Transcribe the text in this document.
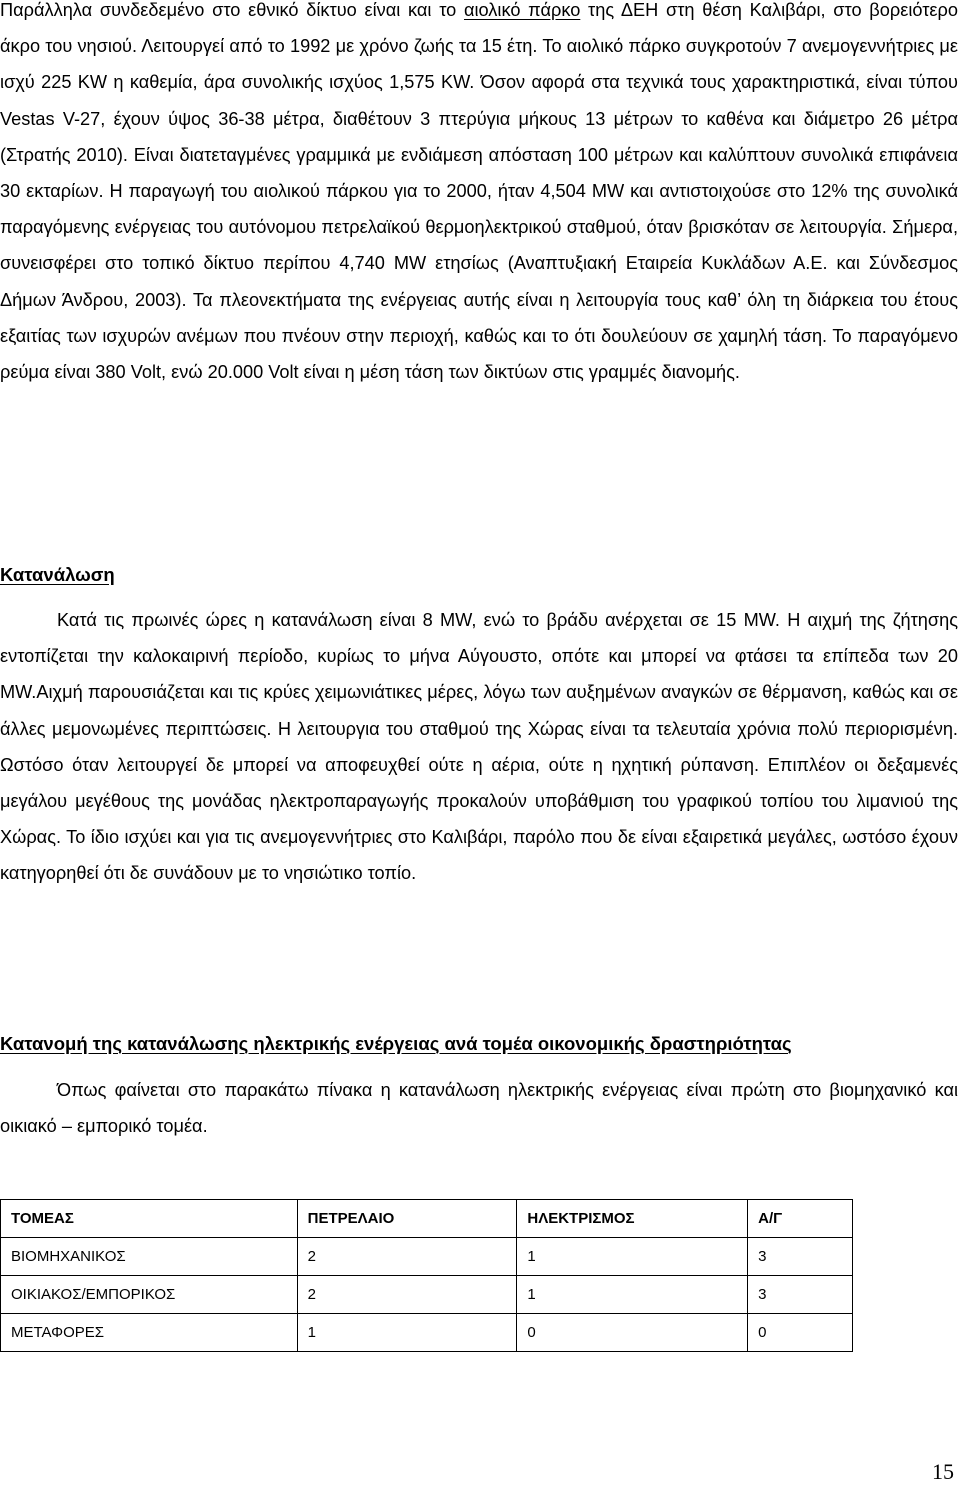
Παράλληλα συνδεδεμένο στο εθνικό δίκτυο είναι και το αιολικό πάρκο της ΔΕΗ στη θέση Καλιβάρι, στο βορειότερο άκρο του νησιού. Λειτουργεί από το 1992 με χρόνο ζωής τα 15 έτη. Το αιολικό πάρκο συγκροτούν 7 ανεμογεννήτριες με ισχύ 225 KW η καθεμία, άρα συνολικής ισχύος 1,575 KW. Όσον αφορά στα τεχνικά τους χαρακτηριστικά, είναι τύπου Vestas V-27, έχουν ύψος 36-38 μέτρα, διαθέτουν 3 πτερύγια μήκους 13 μέτρων το καθένα και διάμετρο 26 μέτρα (Στρατής 2010). Είναι διατεταγμένες γραμμικά με ενδιάμεση απόσταση 100 μέτρων και καλύπτουν συνολικά επιφάνεια 30 εκταρίων. Η παραγωγή του αιολικού πάρκου για το 2000, ήταν 4,504 MW και αντιστοιχούσε στο 12% της συνολικά παραγόμενης ενέργειας του αυτόνομου πετρελαϊκού θερμοηλεκτρικού σταθμού, όταν βρισκόταν σε λειτουργία. Σήμερα, συνεισφέρει στο τοπικό δίκτυο περίπου 4,740 MW ετησίως (Αναπτυξιακή Εταιρεία Κυκλάδων Α.Ε. και Σύνδεσμος Δήμων Άνδρου, 2003). Τα πλεονεκτήματα της ενέργειας αυτής είναι η λειτουργία τους καθ’ όλη τη διάρκεια του έτους εξαιτίας των ισχυρών ανέμων που πνέουν στην περιοχή, καθώς και το ότι δουλεύουν σε χαμηλή τάση. Το παραγόμενο ρεύμα είναι 380 Volt, ενώ 20.000 Volt είναι η μέση τάση των δικτύων στις γραμμές διανομής.

Κατανάλωση

Κατά τις πρωινές ώρες η κατανάλωση είναι 8 MW, ενώ το βράδυ ανέρχεται σε 15 MW. Η αιχμή της ζήτησης εντοπίζεται την καλοκαιρινή περίοδο, κυρίως το μήνα Αύγουστο, οπότε και μπορεί να φτάσει τα επίπεδα των 20 MW.Αιχμή παρουσιάζεται και τις κρύες χειμωνιάτικες μέρες, λόγω των αυξημένων αναγκών σε θέρμανση, καθώς και σε άλλες μεμονωμένες περιπτώσεις. Η λειτουργια του σταθμού της Χώρας είναι τα τελευταία χρόνια πολύ περιορισμένη. Ωστόσο όταν λειτουργεί δε μπορεί να αποφευχθεί ούτε η αέρια, ούτε η ηχητική ρύπανση. Επιπλέον οι δεξαμενές μεγάλου μεγέθους της μονάδας ηλεκτροπαραγωγής προκαλούν υποβάθμιση του γραφικού τοπίου του λιμανιού της Χώρας. Το ίδιο ισχύει και για τις ανεμογεννήτριες στο Καλιβάρι, παρόλο που δε είναι εξαιρετικά μεγάλες, ωστόσο έχουν κατηγορηθεί ότι δε συνάδουν με το νησιώτικο τοπίο.

Κατανομή της κατανάλωσης ηλεκτρικής ενέργειας ανά τομέα οικονομικής δραστηριότητας

Όπως φαίνεται στο παρακάτω πίνακα η κατανάλωση ηλεκτρικής ενέργειας είναι πρώτη στο βιομηχανικό και οικιακό – εμπορικό τομέα.

ΤΟΜΕΑΣ	ΠΕΤΡΕΛΑΙΟ	ΗΛΕΚΤΡΙΣΜΟΣ	Α/Γ
ΒΙΟΜΗΧΑΝΙΚΟΣ	2	1	3
ΟΙΚΙΑΚΟΣ/ΕΜΠΟΡΙΚΟΣ	2	1	3
ΜΕΤΑΦΟΡΕΣ	1	0	0
15
